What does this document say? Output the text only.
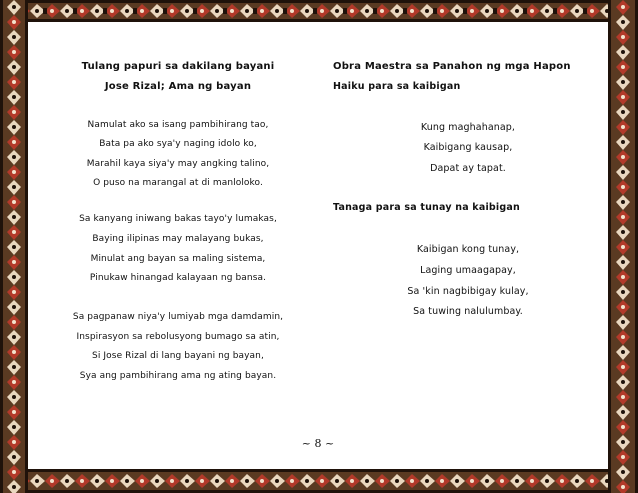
Tulang papuri sa dakilang bayani
Jose Rizal; Ama ng bayan
Namulat ako sa isang pambihirang tao,
Bata pa ako sya'y naging idolo ko,
Marahil kaya siya'y may angking talino,
O puso na marangal at di manloloko.
Sa kanyang iniwang bakas tayo'y lumakas,
Baying ilipinas may malayang bukas,
Minulat ang bayan sa maling sistema,
Pinukaw hinangad kalayaan ng bansa.
Sa pagpanaw niya'y lumiyab mga damdamin,
Inspirasyon sa rebolusyong bumago sa atin,
Si Jose Rizal di lang bayani ng bayan,
Sya ang pambihirang ama ng ating bayan.
Obra Maestra sa Panahon ng mga Hapon
Haiku para sa kaibigan
Kung maghahanap,
Kaibigang kausap,
Dapat ay tapat.
Tanaga para sa tunay na kaibigan
Kaibigan kong tunay,
Laging umaagapay,
Sa 'kin nagbibigay kulay,
Sa tuwing nalulumbay.
~ 8 ~
